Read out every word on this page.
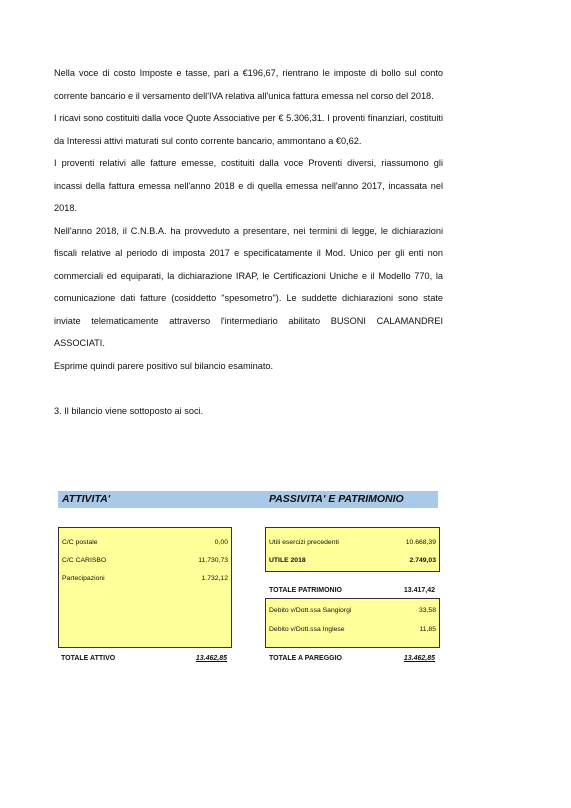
Nella voce di costo Imposte e tasse, pari a €196,67, rientrano le imposte di bollo sul conto corrente bancario e il versamento dell'IVA relativa all'unica fattura emessa nel corso del 2018.

I ricavi sono costituiti dalla voce Quote Associative per € 5.306,31. I proventi finanziari, costituiti da Interessi attivi maturati sul conto corrente bancario, ammontano a €0,62.

I proventi relativi alle fatture emesse, costituiti dalla voce Proventi diversi, riassumono gli incassi della fattura emessa nell'anno 2018 e di quella emessa nell'anno 2017, incassata nel 2018.

Nell'anno 2018, il C.N.B.A. ha provveduto a presentare, nei termini di legge, le dichiarazioni fiscali relative al periodo di imposta 2017 e specificatamente il Mod. Unico per gli enti non commerciali ed equiparati, la dichiarazione IRAP, le Certificazioni Uniche e il Modello 770, la comunicazione dati fatture (cosiddetto "spesometro"). Le suddette dichiarazioni sono state inviate telematicamente attraverso l'intermediario abilitato BUSONI CALAMANDREI ASSOCIATI.

Esprime quindi parere positivo sul bilancio esaminato.

3. Il bilancio viene sottoposto ai soci.

ATTIVITA'	PASSIVITA' E PATRIMONIO
C/C postale	0,00
C/C CARISBO	11.730,73
Partecipazioni	1.732,12
Utili esercizi precedenti	10.668,39
UTILE 2018	2.749,03
TOTALE PATRIMONIO	13.417,42
Debito v/Dott.ssa Sangiorgi	33,58
Debito v/Dott.ssa Inglese	11,85
TOTALE ATTIVO	13.462,85	TOTALE A PAREGGIO	13.462,85
